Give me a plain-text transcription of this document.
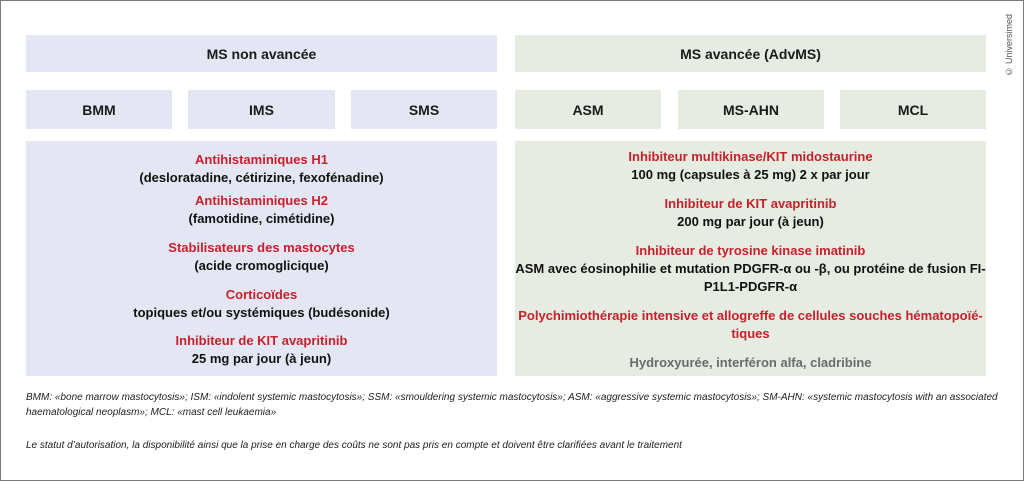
MS non avancée	MS avancée (AdvMS)
BMM	IMS	SMS	ASM	MS-AHN	MCL
Antihistaminiques H1
(desloratadine, cétirizine, fexofénadine)
Antihistaminiques H2
(famotidine, cimétidine)
Stabilisateurs des mastocytes
(acide cromoglicique)
Corticoïdes
topiques et/ou systémiques (budésonide)
Inhibiteur de KIT avapritinib
25 mg par jour (à jeun)
Inhibiteur multikinase/KIT midostaurine
100 mg (capsules à 25 mg) 2 x par jour
Inhibiteur de KIT avapritinib
200 mg par jour (à jeun)
Inhibiteur de tyrosine kinase imatinib
ASM avec éosinophilie et mutation PDGFR-α ou -β, ou protéine de fusion FI-
P1L1-PDGFR-α
Polychimiothérapie intensive et allogreffe de cellules souches hématopoïé-
tiques
Hydroxyurée, interféron alfa, cladribine
BMM: «bone marrow mastocytosis»; ISM: «indolent systemic mastocytosis»; SSM: «smouldering systemic mastocytosis»; ASM: «aggressive systemic mastocytosis»; SM-AHN: «systemic mastocytosis with an associated
haematological neoplasm»; MCL: «mast cell leukaemia»
Le statut d’autorisation, la disponibilité ainsi que la prise en charge des coûts ne sont pas pris en compte et doivent être clarifiées avant le traitement
© Universimed
